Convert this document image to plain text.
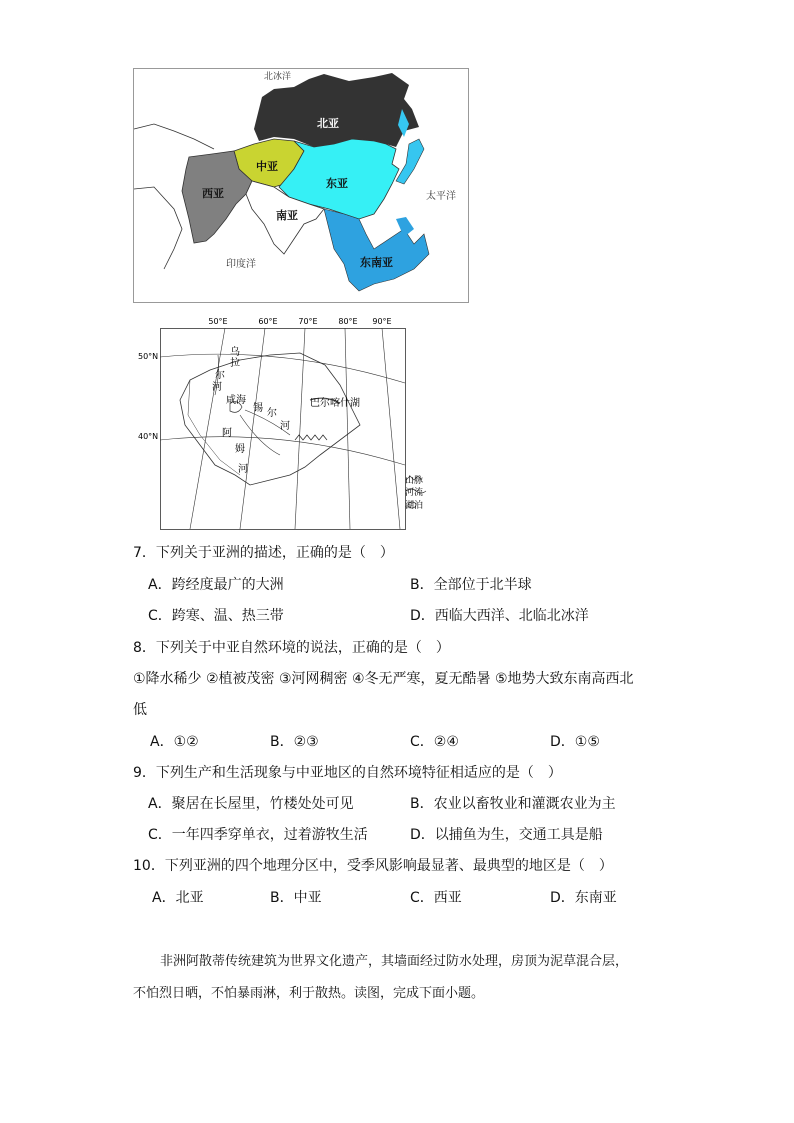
北冰洋
北亚
中亚
东亚
西亚
南亚
东南亚
太平洋
印度洋
50°E	60°E	70°E	80°E 90°E
50°N
40°N
乌
拉
尔
河
咸海
锡 尔
河
阿
姆
河
巴尔喀什湖
山脉
河流
湖泊
7．下列关于亚洲的描述，正确的是（　）
A．跨经度最广的大洲	B．全部位于北半球
C．跨寒、温、热三带	D．西临大西洋、北临北冰洋
8．下列关于中亚自然环境的说法，正确的是（　）
①降水稀少 ②植被茂密 ③河网稠密 ④冬无严寒，夏无酷暑 ⑤地势大致东南高西北
低
A．①②	B．②③	C．②④	D．①⑤
9．下列生产和生活现象与中亚地区的自然环境特征相适应的是（　）
A．聚居在长屋里，竹楼处处可见	B．农业以畜牧业和灌溉农业为主
C．一年四季穿单衣，过着游牧生活	D．以捕鱼为生，交通工具是船
10．下列亚洲的四个地理分区中，受季风影响最显著、最典型的地区是（　）
A．北亚	B．中亚	C．西亚	D．东南亚
非洲阿散蒂传统建筑为世界文化遗产，其墙面经过防水处理，房顶为泥草混合层，
不怕烈日晒，不怕暴雨淋，利于散热。读图，完成下面小题。
